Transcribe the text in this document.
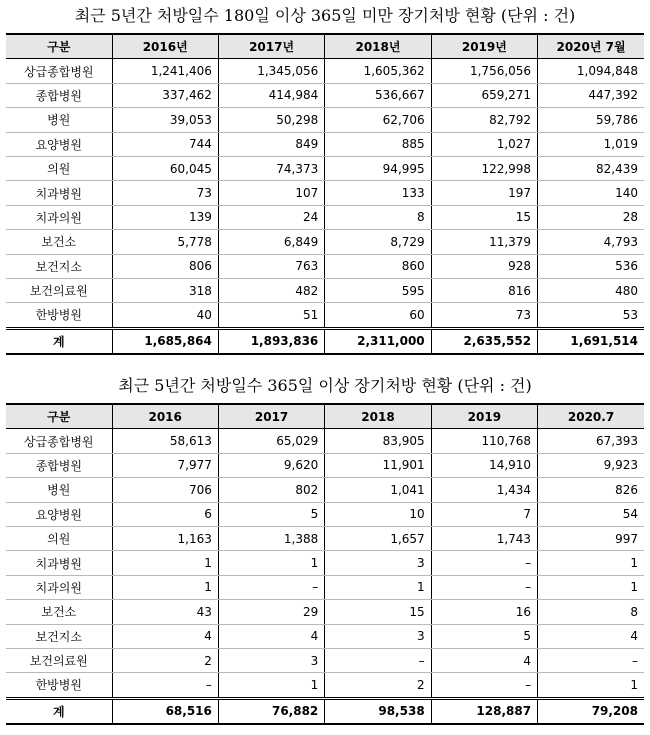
최근 5년간 처방일수 180일 이상 365일 미만 장기처방 현황 (단위 : 건)
구분	2016년	2017년	2018년	2019년	2020년 7월
상급종합병원	1,241,406	1,345,056	1,605,362	1,756,056	1,094,848
종합병원	337,462	414,984	536,667	659,271	447,392
병원	39,053	50,298	62,706	82,792	59,786
요양병원	744	849	885	1,027	1,019
의원	60,045	74,373	94,995	122,998	82,439
치과병원	73	107	133	197	140
치과의원	139	24	8	15	28
보건소	5,778	6,849	8,729	11,379	4,793
보건지소	806	763	860	928	536
보건의료원	318	482	595	816	480
한방병원	40	51	60	73	53
계	1,685,864	1,893,836	2,311,000	2,635,552	1,691,514
최근 5년간 처방일수 365일 이상 장기처방 현황 (단위 : 건)
구분	2016	2017	2018	2019	2020.7
상급종합병원	58,613	65,029	83,905	110,768	67,393
종합병원	7,977	9,620	11,901	14,910	9,923
병원	706	802	1,041	1,434	826
요양병원	6	5	10	7	54
의원	1,163	1,388	1,657	1,743	997
치과병원	1	1	3	–	1
치과의원	1	–	1	–	1
보건소	43	29	15	16	8
보건지소	4	4	3	5	4
보건의료원	2	3	–	4	–
한방병원	–	1	2	–	1
계	68,516	76,882	98,538	128,887	79,208
